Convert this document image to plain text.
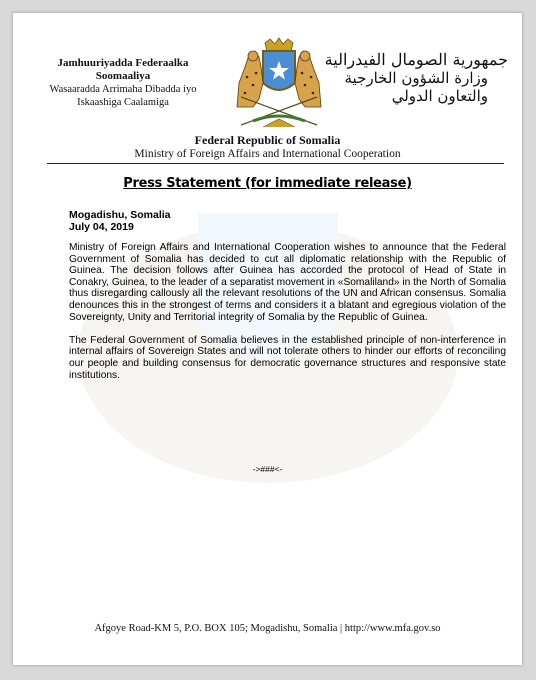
Jamhuuriyadda Federaalka Soomaaliya
Wasaaradda Arrimaha Dibadda iyo
Iskaashiga Caalamiga
جمهورية الصومال الفيدرالية
وزارة الشؤون الخارجية
والتعاون الدولي
Federal Republic of Somalia
Ministry of Foreign Affairs and International Cooperation
Press Statement (for immediate release)
Mogadishu, Somalia
July 04, 2019

Ministry of Foreign Affairs and International Cooperation wishes to announce that the Federal Government of Somalia has decided to cut all diplomatic relationship with the Republic of Guinea. The decision follows after Guinea has accorded the protocol of Head of State in Conakry, Guinea, to the leader of a separatist movement in «Somaliland» in the North of Somalia thus disregarding callously all the relevant resolutions of the UN and African consensus. Somalia denounces this in the strongest of terms and considers it a blatant and egregious violation of the Sovereignty, Unity and Territorial integrity of Somalia by the Republic of Guinea.

The Federal Government of Somalia believes in the established principle of non-interference in internal affairs of Sovereign States and will not tolerate others to hinder our efforts of reconciling our people and building consensus for democratic governance structures and responsive state institutions.

->###<-
Afgoye Road-KM 5, P.O. BOX 105; Mogadishu, Somalia | http://www.mfa.gov.so
